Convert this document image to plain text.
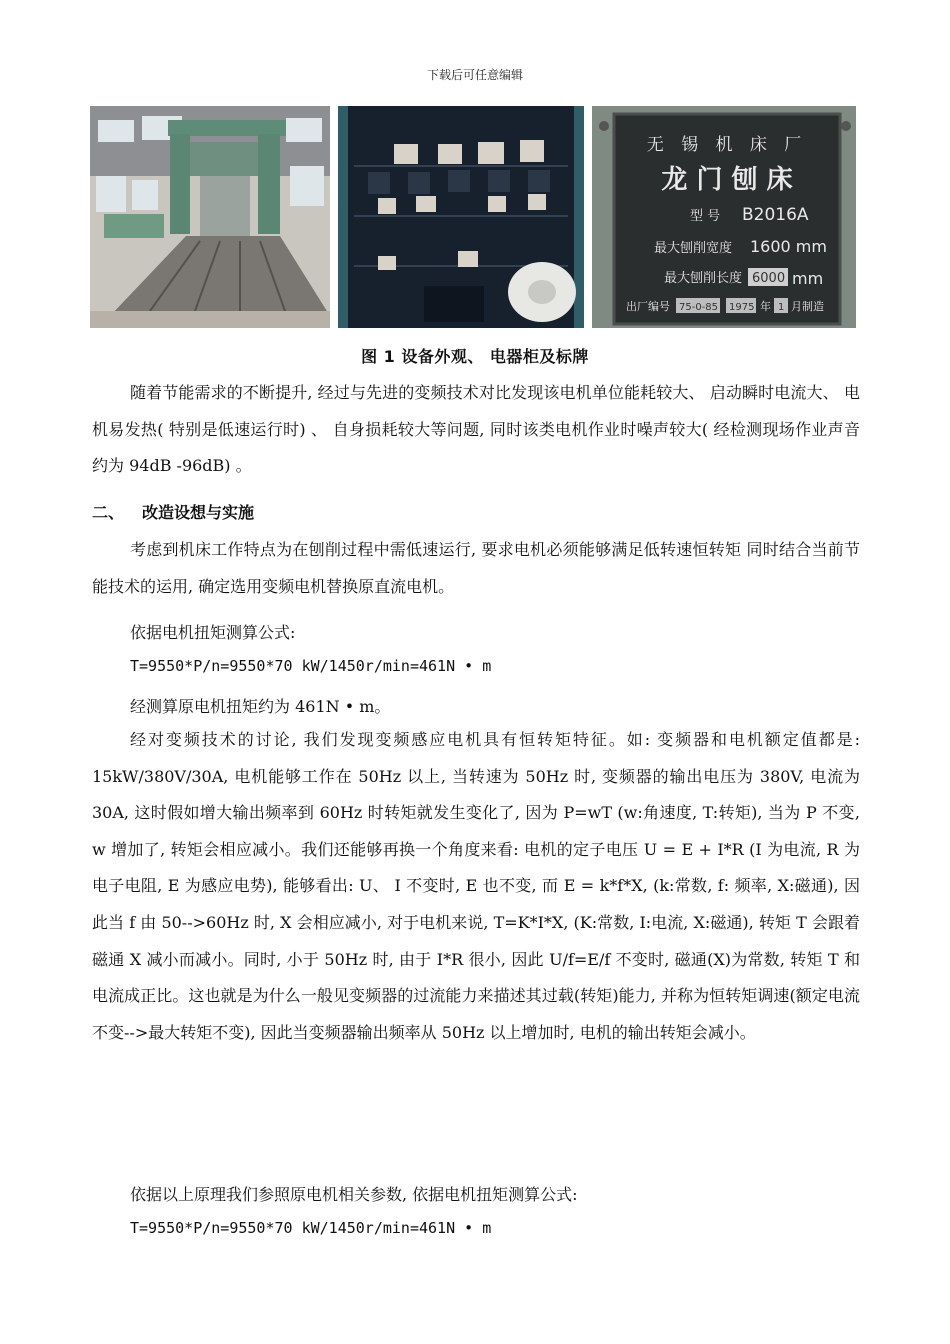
下载后可任意编辑
无 锡 机 床 厂
龙 门 刨 床
型 号 B2016A
最大刨削宽度 1600 mm
最大刨削长度 6000 mm
出厂编号 75-0-85 1975 年 1 月制造
图 1 设备外观、 电器柜及标牌

随着节能需求的不断提升, 经过与先进的变频技术对比发现该电机单位能耗较大、 启动瞬时电流大、 电机易发热( 特别是低速运行时) 、 自身损耗较大等问题, 同时该类电机作业时噪声较大( 经检测现场作业声音约为 94dB -96dB) 。

二、 改造设想与实施

考虑到机床工作特点为在刨削过程中需低速运行, 要求电机必须能够满足低转速恒转矩 同时结合当前节能技术的运用, 确定选用变频电机替换原直流电机。

依据电机扭矩测算公式:
T=9550*P/n=9550*70 kW/1450r/min=461N • m
经测算原电机扭矩约为 461N • m。

经对变频技术的讨论, 我们发现变频感应电机具有恒转矩特征。如: 变频器和电机额定值都是: 15kW/380V/30A, 电机能够工作在 50Hz 以上, 当转速为 50Hz 时, 变频器的输出电压为 380V, 电流为 30A, 这时假如增大输出频率到 60Hz 时转矩就发生变化了, 因为 P=wT (w:角速度, T:转矩), 当为 P 不变, w 增加了, 转矩会相应减小。我们还能够再换一个角度来看: 电机的定子电压 U = E + I*R (I 为电流, R 为电子电阻, E 为感应电势), 能够看出: U、 I 不变时, E 也不变, 而 E = k*f*X, (k:常数, f: 频率, X:磁通), 因此当 f 由 50-->60Hz 时, X 会相应减小, 对于电机来说, T=K*I*X, (K:常数, I:电流, X:磁通), 转矩 T 会跟着磁通 X 减小而减小。同时, 小于 50Hz 时, 由于 I*R 很小, 因此 U/f=E/f 不变时, 磁通(X)为常数, 转矩 T 和电流成正比。这也就是为什么一般见变频器的过流能力来描述其过载(转矩)能力, 并称为恒转矩调速(额定电流不变-->最大转矩不变), 因此当变频器输出频率从 50Hz 以上增加时, 电机的输出转矩会减小。

依据以上原理我们参照原电机相关参数, 依据电机扭矩测算公式:
T=9550*P/n=9550*70 kW/1450r/min=461N • m
